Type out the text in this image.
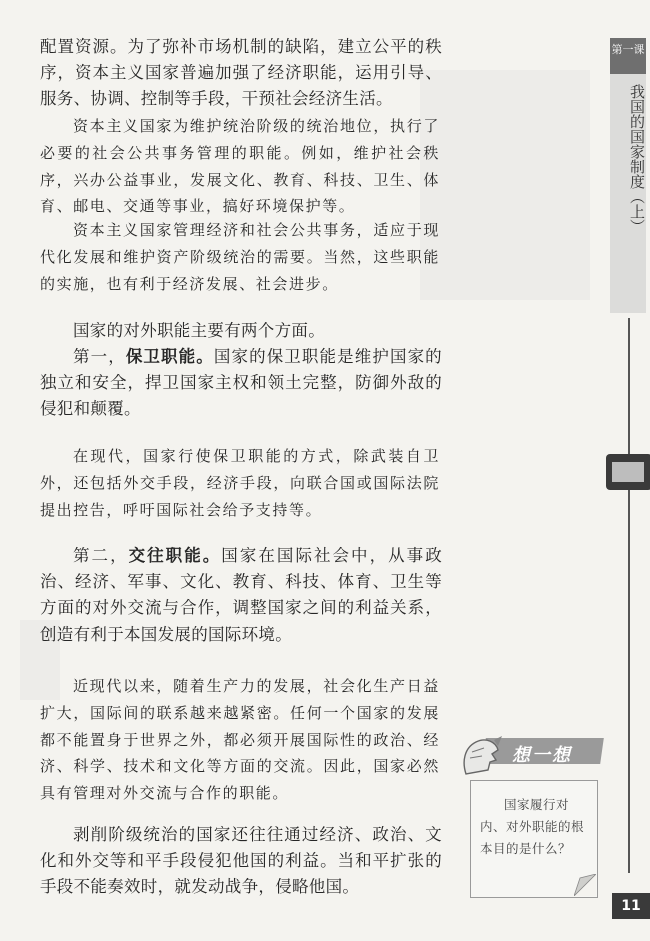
配置资源。为了弥补市场机制的缺陷，建立公平的秩序，资本主义国家普遍加强了经济职能，运用引导、服务、协调、控制等手段，干预社会经济生活。

资本主义国家为维护统治阶级的统治地位，执行了必要的社会公共事务管理的职能。例如，维护社会秩序，兴办公益事业，发展文化、教育、科技、卫生、体育、邮电、交通等事业，搞好环境保护等。

资本主义国家管理经济和社会公共事务，适应于现代化发展和维护资产阶级统治的需要。当然，这些职能的实施，也有利于经济发展、社会进步。

国家的对外职能主要有两个方面。

第一，保卫职能。国家的保卫职能是维护国家的独立和安全，捍卫国家主权和领土完整，防御外敌的侵犯和颠覆。

在现代，国家行使保卫职能的方式，除武装自卫外，还包括外交手段，经济手段，向联合国或国际法院提出控告，呼吁国际社会给予支持等。

第二，交往职能。国家在国际社会中，从事政治、经济、军事、文化、教育、科技、体育、卫生等方面的对外交流与合作，调整国家之间的利益关系，创造有利于本国发展的国际环境。

近现代以来，随着生产力的发展，社会化生产日益扩大，国际间的联系越来越紧密。任何一个国家的发展都不能置身于世界之外，都必须开展国际性的政治、经济、科学、技术和文化等方面的交流。因此，国家必然具有管理对外交流与合作的职能。

剥削阶级统治的国家还往往通过经济、政治、文化和外交等和平手段侵犯他国的利益。当和平扩张的手段不能奏效时，就发动战争，侵略他国。

第一课
我国的国家制度（上）
想一想
国家履行对内、对外职能的根本目的是什么？
11
